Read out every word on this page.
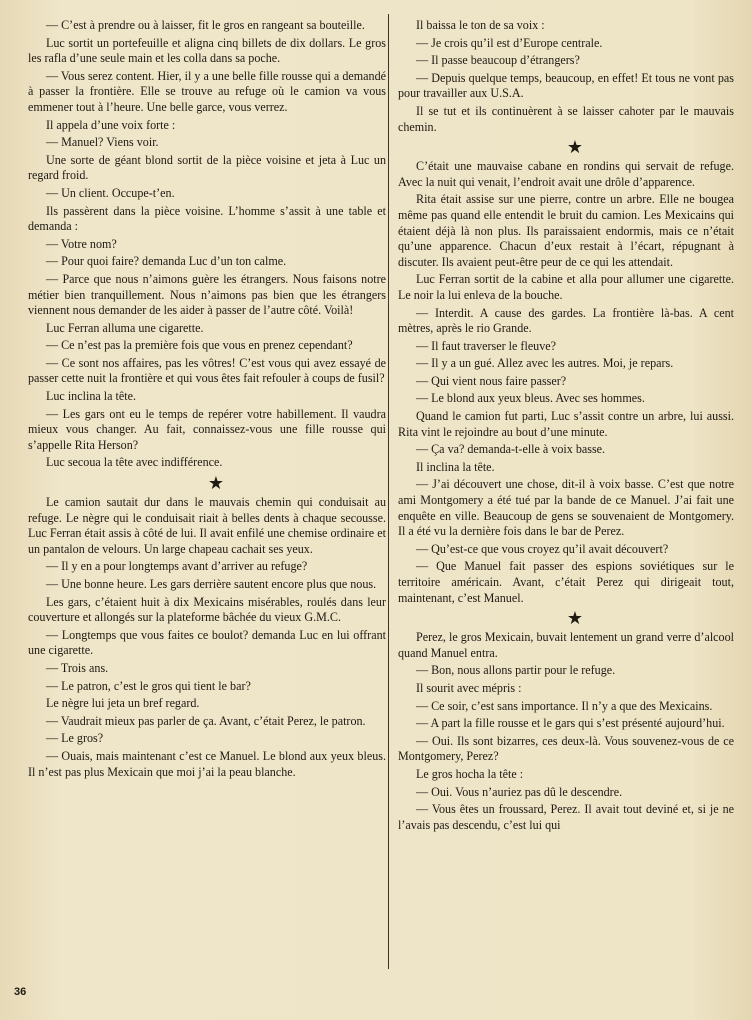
— C’est à prendre ou à laisser, fit le gros en rangeant sa bouteille.

Luc sortit un portefeuille et aligna cinq billets de dix dollars. Le gros les rafla d’une seule main et les colla dans sa poche.

— Vous serez content. Hier, il y a une belle fille rousse qui a demandé à passer la frontière. Elle se trouve au refuge où le camion va vous emmener tout à l’heure. Une belle garce, vous verrez.

Il appela d’une voix forte :

— Manuel? Viens voir.

Une sorte de géant blond sortit de la pièce voisine et jeta à Luc un regard froid.

— Un client. Occupe-t’en.

Ils passèrent dans la pièce voisine. L’homme s’assit à une table et demanda :

— Votre nom?

— Pour quoi faire? demanda Luc d’un ton calme.

— Parce que nous n’aimons guère les étrangers. Nous faisons notre métier bien tranquillement. Nous n’aimons pas bien que les étrangers viennent nous demander de les aider à passer de l’autre côté. Voilà!

Luc Ferran alluma une cigarette.

— Ce n’est pas la première fois que vous en prenez cependant?

— Ce sont nos affaires, pas les vôtres! C’est vous qui avez essayé de passer cette nuit la frontière et qui vous êtes fait refouler à coups de fusil?

Luc inclina la tête.

— Les gars ont eu le temps de repérer votre habillement. Il vaudra mieux vous changer. Au fait, connaissez-vous une fille rousse qui s’appelle Rita Herson?

Luc secoua la tête avec indifférence.

★

Le camion sautait dur dans le mauvais chemin qui conduisait au refuge. Le nègre qui le conduisait riait à belles dents à chaque secousse. Luc Ferran était assis à côté de lui. Il avait enfilé une chemise ordinaire et un pantalon de velours. Un large chapeau cachait ses yeux.

— Il y en a pour longtemps avant d’arriver au refuge?

— Une bonne heure. Les gars derrière sautent encore plus que nous.

Les gars, c’étaient huit à dix Mexicains misérables, roulés dans leur couverture et allongés sur la plateforme bâchée du vieux G.M.C.

— Longtemps que vous faites ce boulot? demanda Luc en lui offrant une cigarette.

— Trois ans.

— Le patron, c’est le gros qui tient le bar?

Le nègre lui jeta un bref regard.

— Vaudrait mieux pas parler de ça. Avant, c’était Perez, le patron.

— Le gros?

— Ouais, mais maintenant c’est ce Manuel. Le blond aux yeux bleus. Il n’est pas plus Mexicain que moi j’ai la peau blanche.

Il baissa le ton de sa voix :

— Je crois qu’il est d’Europe centrale.

— Il passe beaucoup d’étrangers?

— Depuis quelque temps, beaucoup, en effet! Et tous ne vont pas pour travailler aux U.S.A.

Il se tut et ils continuèrent à se laisser cahoter par le mauvais chemin.

★

C’était une mauvaise cabane en rondins qui servait de refuge. Avec la nuit qui venait, l’endroit avait une drôle d’apparence.

Rita était assise sur une pierre, contre un arbre. Elle ne bougea même pas quand elle entendit le bruit du camion. Les Mexicains qui étaient déjà là non plus. Ils paraissaient endormis, mais ce n’était qu’une apparence. Chacun d’eux restait à l’écart, répugnant à discuter. Ils avaient peut-être peur de ce qui les attendait.

Luc Ferran sortit de la cabine et alla pour allumer une cigarette. Le noir la lui enleva de la bouche.

— Interdit. A cause des gardes. La frontière là-bas. A cent mètres, après le rio Grande.

— Il faut traverser le fleuve?

— Il y a un gué. Allez avec les autres. Moi, je repars.

— Qui vient nous faire passer?

— Le blond aux yeux bleus. Avec ses hommes.

Quand le camion fut parti, Luc s’assit contre un arbre, lui aussi. Rita vint le rejoindre au bout d’une minute.

— Ça va? demanda-t-elle à voix basse.

Il inclina la tête.

— J’ai découvert une chose, dit-il à voix basse. C’est que notre ami Montgomery a été tué par la bande de ce Manuel. J’ai fait une enquête en ville. Beaucoup de gens se souvenaient de Montgomery. Il a été vu la dernière fois dans le bar de Perez.

— Qu’est-ce que vous croyez qu’il avait découvert?

— Que Manuel fait passer des espions soviétiques sur le territoire américain. Avant, c’était Perez qui dirigeait tout, maintenant, c’est Manuel.

★

Perez, le gros Mexicain, buvait lentement un grand verre d’alcool quand Manuel entra.

— Bon, nous allons partir pour le refuge.

Il sourit avec mépris :

— Ce soir, c’est sans importance. Il n’y a que des Mexicains.

— A part la fille rousse et le gars qui s’est présenté aujourd’hui.

— Oui. Ils sont bizarres, ces deux-là. Vous souvenez-vous de ce Montgomery, Perez?

Le gros hocha la tête :

— Oui. Vous n’auriez pas dû le descendre.

— Vous êtes un froussard, Perez. Il avait tout deviné et, si je ne l’avais pas descendu, c’est lui qui

36
